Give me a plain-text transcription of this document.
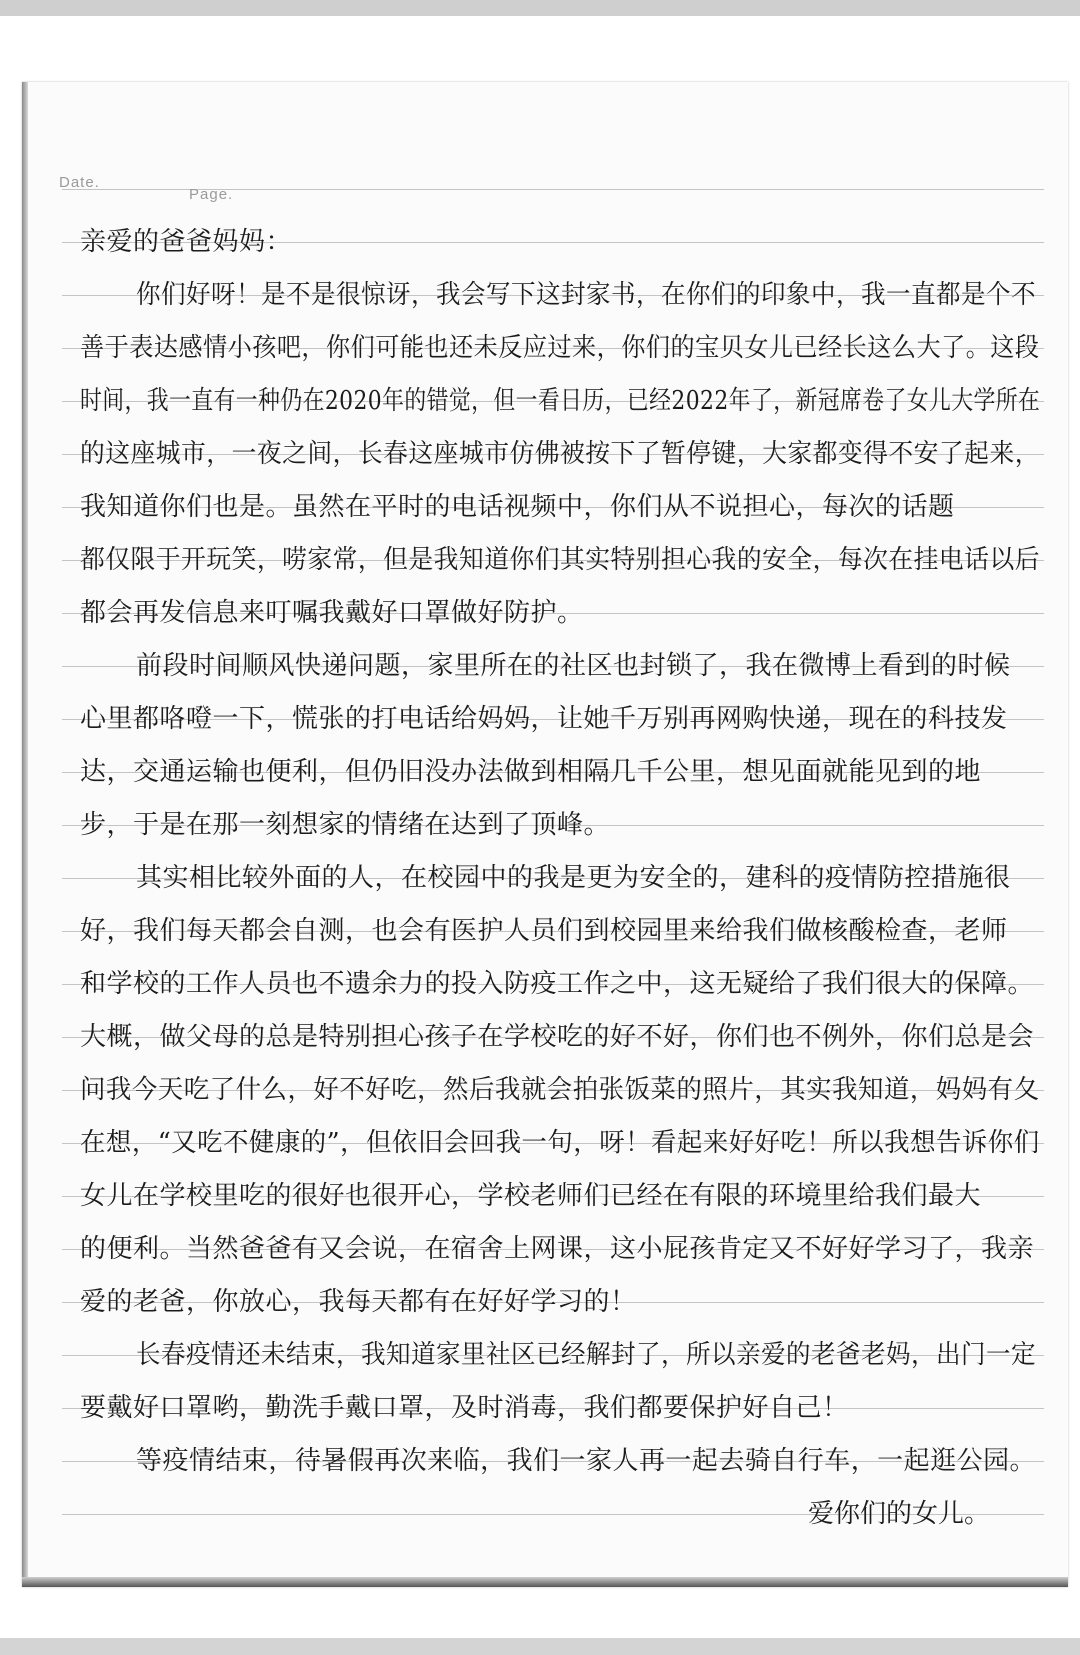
Date.
Page.
亲爱的爸爸妈妈：
你们好呀！是不是很惊讶，我会写下这封家书，在你们的印象中，我一直都是个不
善于表达感情小孩吧，你们可能也还未反应过来，你们的宝贝女儿已经长这么大了。这段
时间，我一直有一种仍在2020年的错觉，但一看日历，已经2022年了，新冠席卷了女儿大学所在
的这座城市，一夜之间，长春这座城市仿佛被按下了暂停键，大家都变得不安了起来，
我知道你们也是。虽然在平时的电话视频中，你们从不说担心，每次的话题
都仅限于开玩笑，唠家常，但是我知道你们其实特别担心我的安全，每次在挂电话以后
都会再发信息来叮嘱我戴好口罩做好防护。
前段时间顺风快递问题，家里所在的社区也封锁了，我在微博上看到的时候
心里都咯噔一下，慌张的打电话给妈妈，让她千万别再网购快递，现在的科技发
达，交通运输也便利，但仍旧没办法做到相隔几千公里，想见面就能见到的地
步，于是在那一刻想家的情绪在达到了顶峰。
其实相比较外面的人，在校园中的我是更为安全的，建科的疫情防控措施很
好，我们每天都会自测，也会有医护人员们到校园里来给我们做核酸检查，老师
和学校的工作人员也不遗余力的投入防疫工作之中，这无疑给了我们很大的保障。
大概，做父母的总是特别担心孩子在学校吃的好不好，你们也不例外，你们总是会
问我今天吃了什么，好不好吃，然后我就会拍张饭菜的照片，其实我知道，妈妈有夂
在想，“又吃不健康的”，但依旧会回我一句，呀！看起来好好吃！所以我想告诉你们
女儿在学校里吃的很好也很开心，学校老师们已经在有限的环境里给我们最大
的便利。当然爸爸有又会说，在宿舍上网课，这小屁孩肯定又不好好学习了，我亲
爱的老爸，你放心，我每天都有在好好学习的！
长春疫情还未结束，我知道家里社区已经解封了，所以亲爱的老爸老妈，出门一定
要戴好口罩哟，勤洗手戴口罩，及时消毒，我们都要保护好自己！
等疫情结束，待暑假再次来临，我们一家人再一起去骑自行车，一起逛公园。
爱你们的女儿。
